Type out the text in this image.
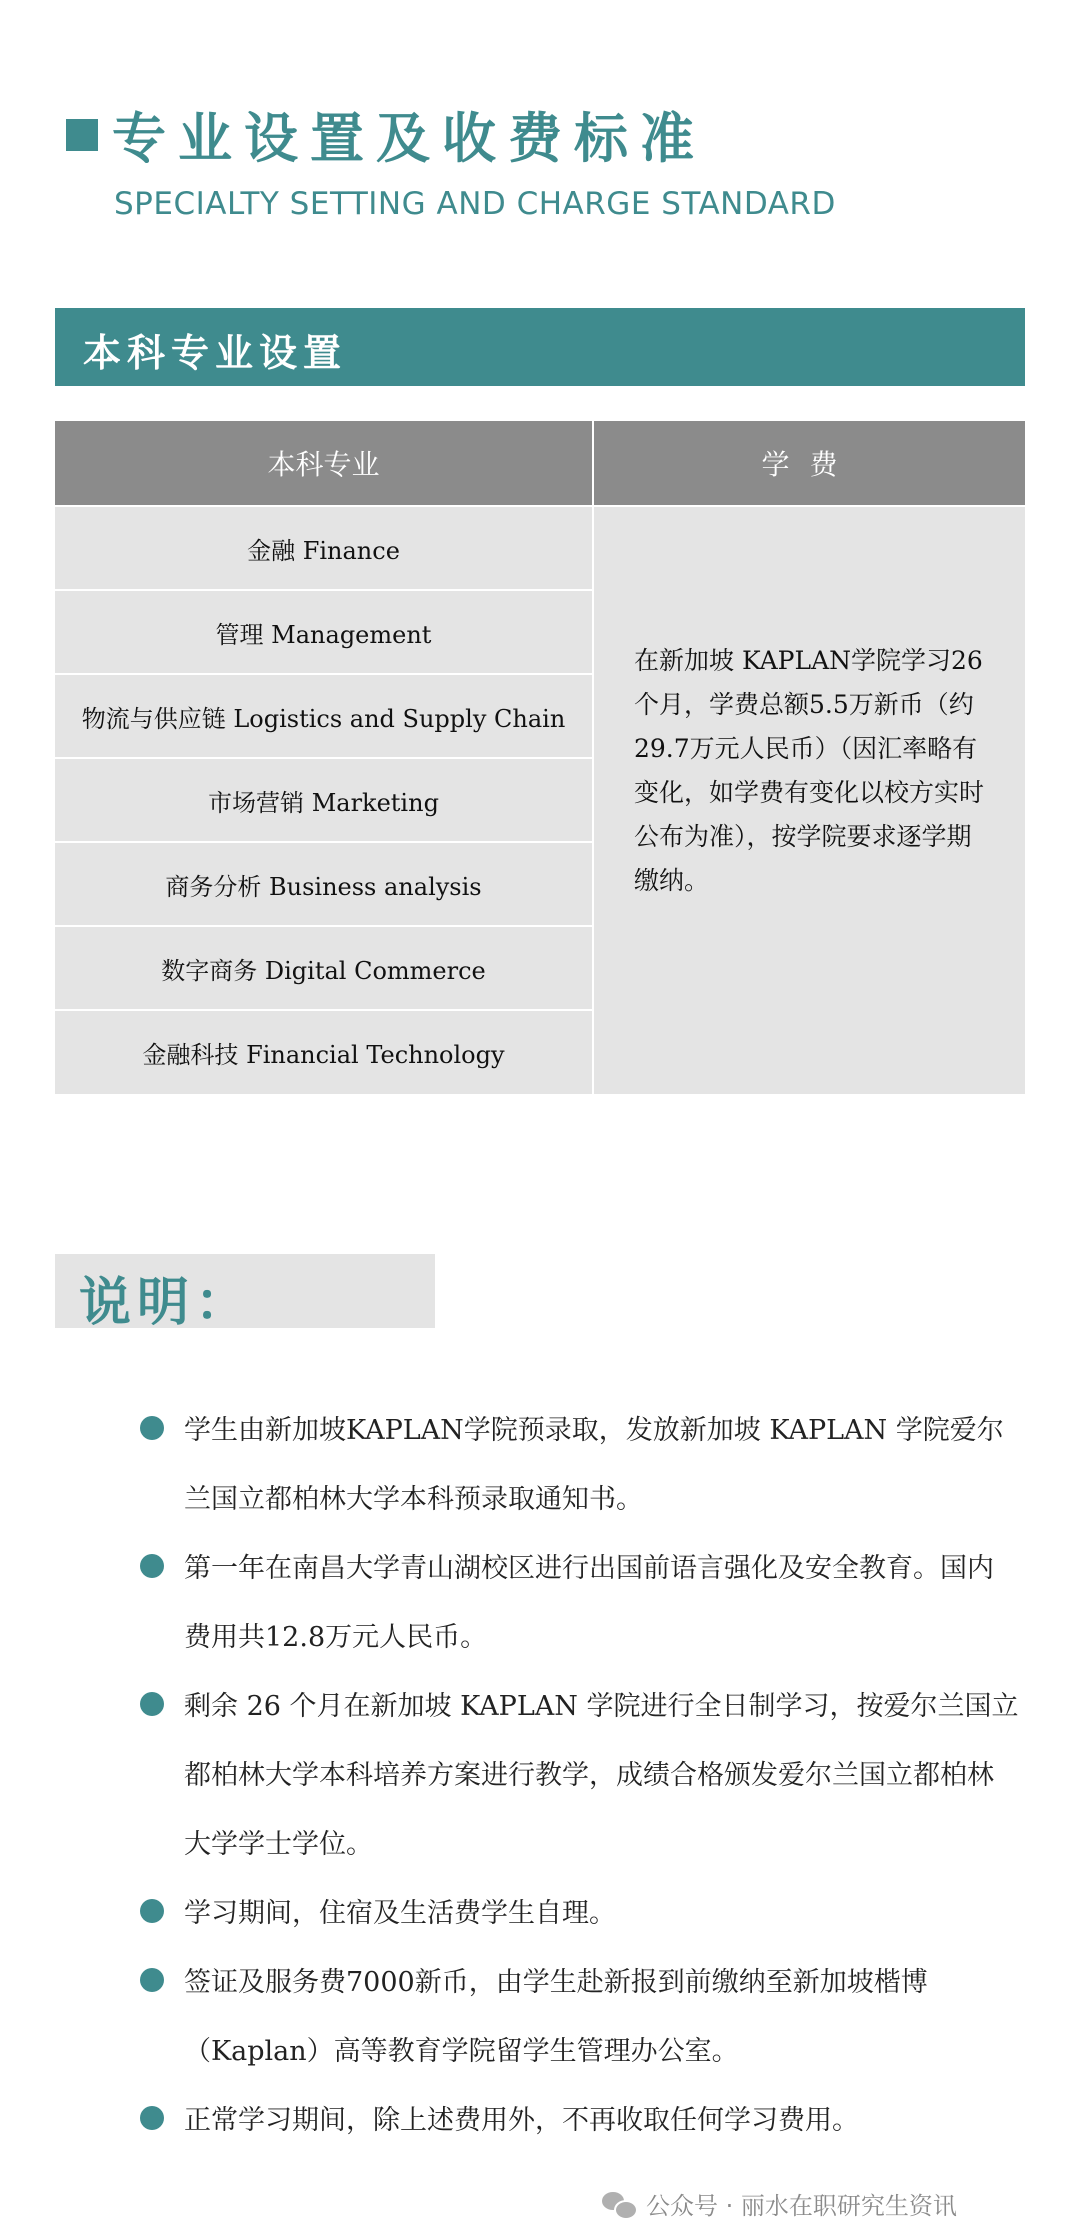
专业设置及收费标准
SPECIALTY SETTING AND CHARGE STANDARD
本科专业设置
本科专业	学费
金融 Finance
管理 Management
物流与供应链 Logistics and Supply Chain
市场营销 Marketing
商务分析 Business analysis
数字商务 Digital Commerce
金融科技 Financial Technology
在新加坡 KAPLAN学院学习26个月，学费总额5.5万新币（约 29.7万元人民币）（因汇率略有变化，如学费有变化以校方实时公布为准），按学院要求逐学期缴纳。
说明：
学生由新加坡KAPLAN学院预录取，发放新加坡 KAPLAN 学院爱尔兰国立都柏林大学本科预录取通知书。
第一年在南昌大学青山湖校区进行出国前语言强化及安全教育。国内费用共12.8万元人民币。
剩余 26 个月在新加坡 KAPLAN 学院进行全日制学习，按爱尔兰国立都柏林大学本科培养方案进行教学，成绩合格颁发爱尔兰国立都柏林大学学士学位。
学习期间，住宿及生活费学生自理。
签证及服务费7000新币，由学生赴新报到前缴纳至新加坡楷博（Kaplan）高等教育学院留学生管理办公室。
正常学习期间，除上述费用外，不再收取任何学习费用。
公众号 · 丽水在职研究生资讯
